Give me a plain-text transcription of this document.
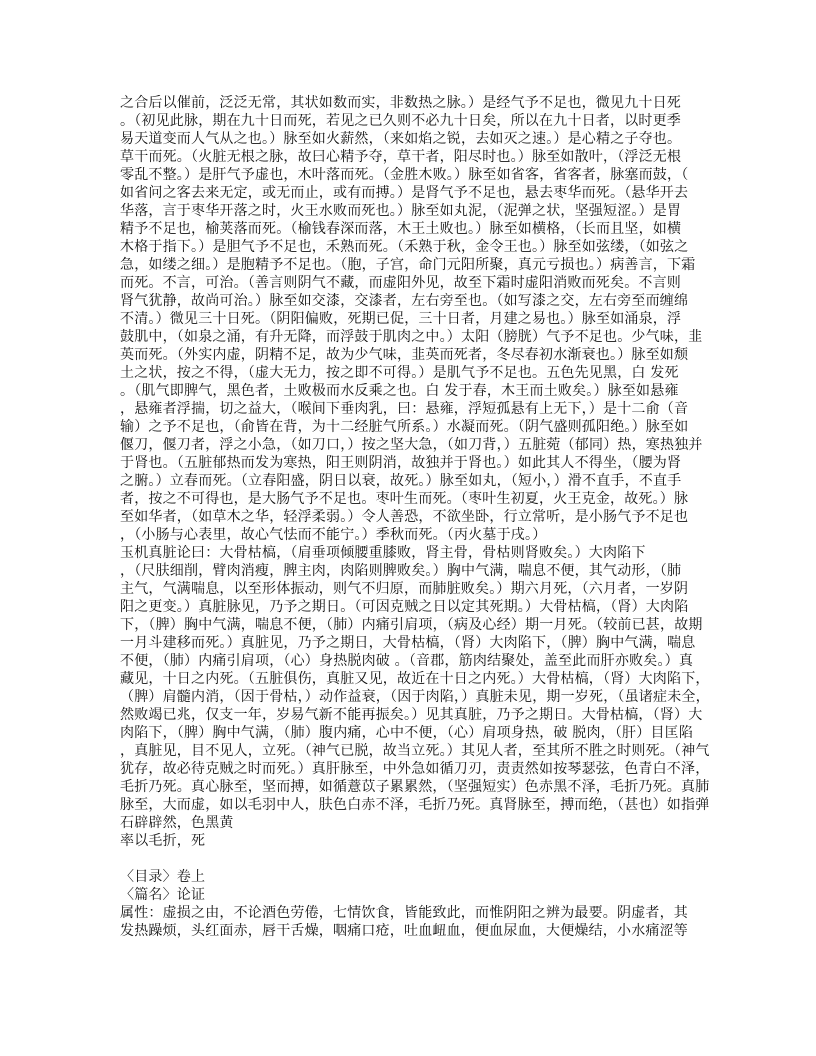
之合后以催前，泛泛无常，其状如数而实，非数热之脉。）是经气予不足也，微见九十日死
。（初见此脉，期在九十日而死，若见之已久则不必九十日矣，所以在九十日者，以时更季
易天道变而人气从之也。）脉至如火薪然，（来如焰之锐，去如灭之速。）是心精之子夺也。
草干而死。（火脏无根之脉，故曰心精予夺，草干者，阳尽时也。）脉至如散叶，（浮泛无根
零乱不整。）是肝气予虚也，木叶落而死。（金胜木败。）脉至如省客，省客者，脉塞而鼓，（
如省问之客去来无定，或无而止，或有而搏。）是肾气予不足也，悬去枣华而死。（悬华开去
华落，言于枣华开落之时，火王水败而死也。）脉至如丸泥，（泥弹之状，坚强短涩。）是胃
精予不足也，榆荚落而死。（榆钱春深而落，木王土败也。）脉至如横格，（长而且坚，如横
木格于指下。）是胆气予不足也，禾熟而死。（禾熟于秋，金令王也。）脉至如弦缕，（如弦之
急，如缕之细。）是胞精予不足也。（胞，子宫，命门元阳所聚，真元亏损也。）病善言，下霜
而死。不言，可治。（善言则阴气不藏，而虚阳外见，故至下霜时虚阳消败而死矣。不言则
肾气犹静，故尚可治。）脉至如交漆，交漆者，左右旁至也。（如写漆之交，左右旁至而缠绵
不清。）微见三十日死。（阴阳偏败，死期已促，三十日者，月建之易也。）脉至如涌泉，浮
鼓肌中，（如泉之涌，有升无降，而浮鼓于肌肉之中。）太阳（膀胱）气予不足也。少气味，韭
英而死。（外实内虚，阴精不足，故为少气味，韭英而死者，冬尽春初水渐衰也。）脉至如颓
土之状，按之不得，（虚大无力，按之即不可得。）是肌气予不足也。五色先见黑，白 发死
。（肌气即脾气，黑色者，土败极而水反乘之也。白 发于春，木王而土败矣。）脉至如悬雍
，悬雍者浮揣，切之益大，（喉间下垂肉乳，曰：悬雍，浮短孤悬有上无下，）是十二俞（音
输）之予不足也，（俞皆在背，为十二经脏气所系。）水凝而死。（阴气盛则孤阳绝。）脉至如
偃刀，偃刀者，浮之小急，（如刀口，）按之坚大急，（如刀背，）五脏菀（郁同）热，寒热独并
于肾也。（五脏郁热而发为寒热，阳王则阴消，故独并于肾也。）如此其人不得坐，（腰为肾
之腑。）立春而死。（立春阳盛，阴日以衰，故死。）脉至如丸，（短小，）滑不直手，不直手
者，按之不可得也，是大肠气予不足也。枣叶生而死。（枣叶生初夏，火王克金，故死。）脉
至如华者，（如草木之华，轻浮柔弱。）令人善恐，不欲坐卧，行立常听，是小肠气予不足也
，（小肠与心表里，故心气怯而不能宁。）季秋而死。（丙火墓于戌。）
玉机真脏论曰：大骨枯槁，（肩垂项倾腰重膝败，肾主骨，骨枯则肾败矣。）大肉陷下
，（尺肤细削，臂肉消瘦，脾主肉，肉陷则脾败矣。）胸中气满，喘息不便，其气动形，（肺
主气，气满喘息，以至形体振动，则气不归原，而肺脏败矣。）期六月死，（六月者，一岁阴
阳之更变。）真脏脉见，乃予之期日。（可因克贼之日以定其死期。）大骨枯槁，（肾）大肉陷
下，（脾）胸中气满，喘息不便，（肺）内痛引肩项，（病及心经）期一月死。（较前已甚，故期
一月斗建移而死。）真脏见，乃予之期日，大骨枯槁，（肾）大肉陷下，（脾）胸中气满，喘息
不便，（肺）内痛引肩项，（心）身热脱肉破 。（音郡，筋肉结聚处，盖至此而肝亦败矣。）真
藏见，十日之内死。（五脏俱伤，真脏又见，故近在十日之内死。）大骨枯槁，（肾）大肉陷下，
（脾）肩髓内消，（因于骨枯，）动作益衰，（因于肉陷，）真脏未见，期一岁死，（虽诸症未全，
然败竭已兆，仅支一年，岁易气新不能再振矣。）见其真脏，乃予之期日。大骨枯槁，（肾）大
肉陷下，（脾）胸中气满，（肺）腹内痛，心中不便，（心）肩项身热，破 脱肉，（肝）目匡陷
，真脏见，目不见人，立死。（神气已脱，故当立死。）其见人者，至其所不胜之时则死。（神气
犹存，故必待克贼之时而死。）真肝脉至，中外急如循刀刃，责责然如按琴瑟弦，色青白不泽，
毛折乃死。真心脉至，坚而搏，如循薏苡子累累然，（坚强短实）色赤黑不泽，毛折乃死。真肺
脉至，大而虚，如以毛羽中人，肤色白赤不泽，毛折乃死。真肾脉至，搏而绝，（甚也）如指弹
石辟辟然，色黑黄
率以毛折，死
〈目录〉卷上
〈篇名〉论证
属性：虚损之由，不论酒色劳倦，七情饮食，皆能致此，而惟阴阳之辨为最要。阴虚者，其
发热躁烦，头红面赤，唇干舌燥，咽痛口疮，吐血衄血，便血尿血，大便燥结，小水痛涩等
